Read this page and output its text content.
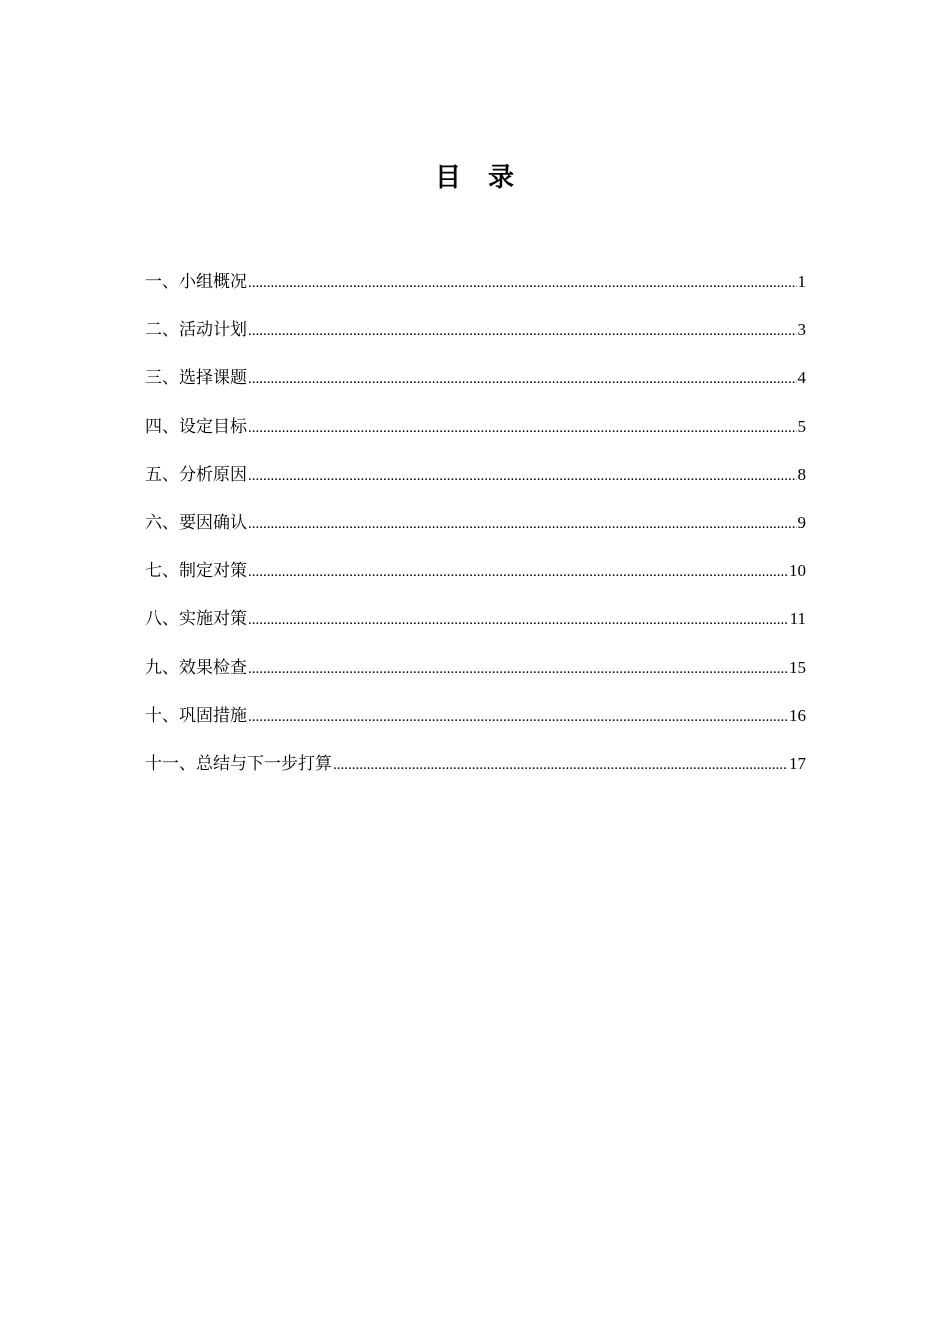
目 录
一、小组概况 .....	1
二、活动计划 .....	3
三、选择课题 .....	4
四、设定目标 .....	5
五、分析原因 .....	8
六、要因确认 .....	9
七、制定对策 .....	10
八、实施对策 .....	11
九、效果检查 .....	15
十、巩固措施 .....	16
十一、总结与下一步打算 .....	17
